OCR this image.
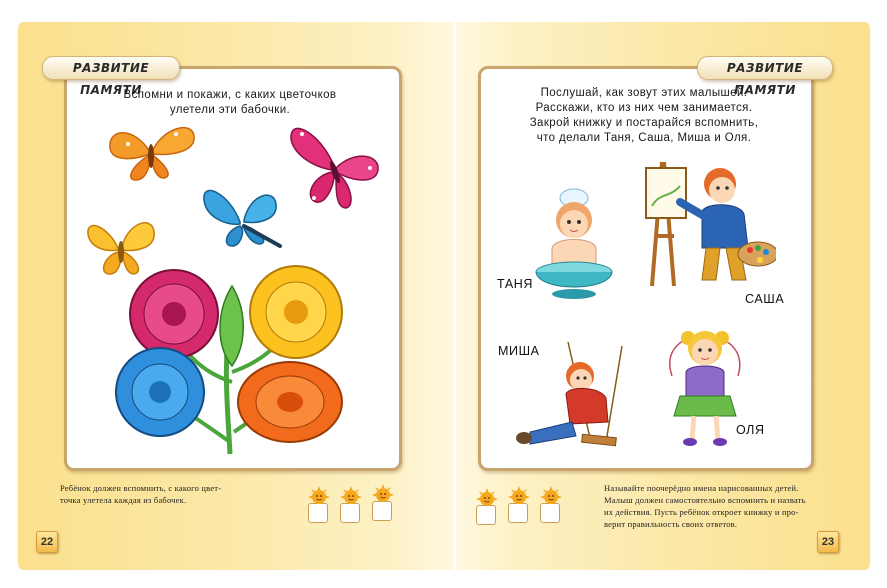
РАЗВИТИЕ ПАМЯТИ
Вспомни и покажи, с каких цветочков
улетели эти бабочки.
Ребёнок должен вспомнить, с какого цвет-
точка улетела каждая из бабочек.
22
РАЗВИТИЕ ПАМЯТИ
Послушай, как зовут этих малышей.
Расскажи, кто из них чем занимается.
Закрой книжку и постарайся вспомнить,
что делали Таня, Саша, Миша и Оля.
ТАНЯ
САША
МИША
ОЛЯ
Называйте поочерёдно имена нарисованных детей.
Малыш должен самостоятельно вспомнить и назвать
их действия. Пусть ребёнок откроет книжку и про-
верит правильность своих ответов.
23
